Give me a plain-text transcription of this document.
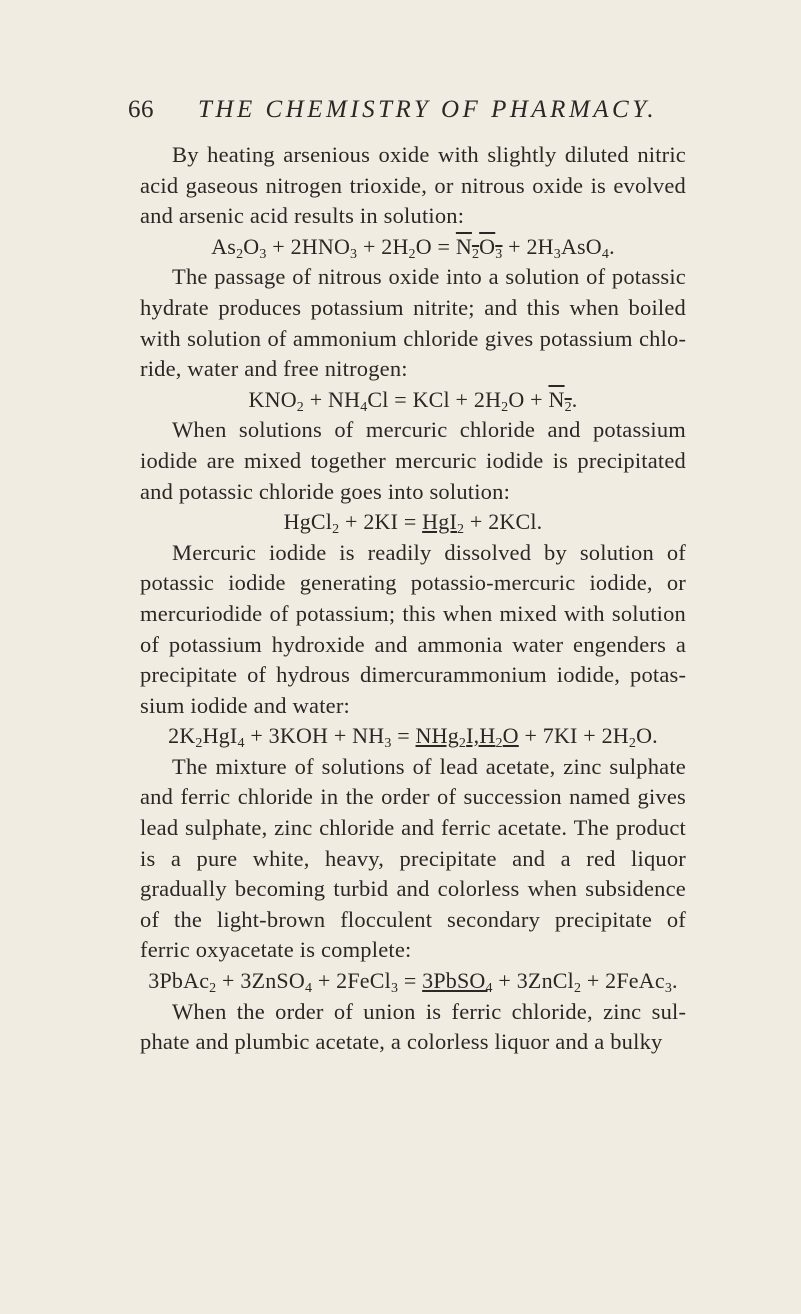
66 THE CHEMISTRY OF PHARMACY.

By heating arsenious oxide with slightly diluted nitric acid gaseous nitrogen trioxide, or nitrous oxide is evolved and arsenic acid results in solution:

$As_2O_3 + 2HNO_3 + 2H_2O = N_2O_3 + 2H_3AsO_4$.

The passage of nitrous oxide into a solution of potassic hydrate produces potassium nitrite; and this when boiled with solution of ammonium chloride gives potassium chloride, water and free nitrogen:

$KNO_2 + NH_4Cl$ = KCl + $2H_2O + N_2$.

When solutions of mercuric chloride and potassium iodide are mixed together mercuric iodide is precipitated and potassic chloride goes into solution:

HgCl$_2$ + 2KI = HgI$_2$ + 2KCl.

Mercuric iodide is readily dissolved by solution of potassic iodide generating potassio-mercuric iodide, or mercuriodide of potassium; this when mixed with solution of potassium hydroxide and ammonia water engenders a precipitate of hydrous dimercurammonium iodide, potassium iodide and water:

$2K_2HgI_4 + 3KOH + NH_3 = NHg_2I,H_2O + 7KI + 2H_2O$.

The mixture of solutions of lead acetate, zinc sulphate and ferric chloride in the order of succession named gives lead sulphate, zinc chloride and ferric acetate. The product is a pure white, heavy, precipitate and a red liquor gradually becoming turbid and colorless when subsidence of the light-brown flocculent secondary precipitate of ferric oxyacetate is complete:

3PbAc$_2$ + 3ZnSO$_4$ + 2FeCl$_3$ = 3PbSO$_4$ + 3ZnCl$_2$ + 2FeAc$_3$.

When the order of union is ferric chloride, zinc sulphate and plumbic acetate, a colorless liquor and a bulky
